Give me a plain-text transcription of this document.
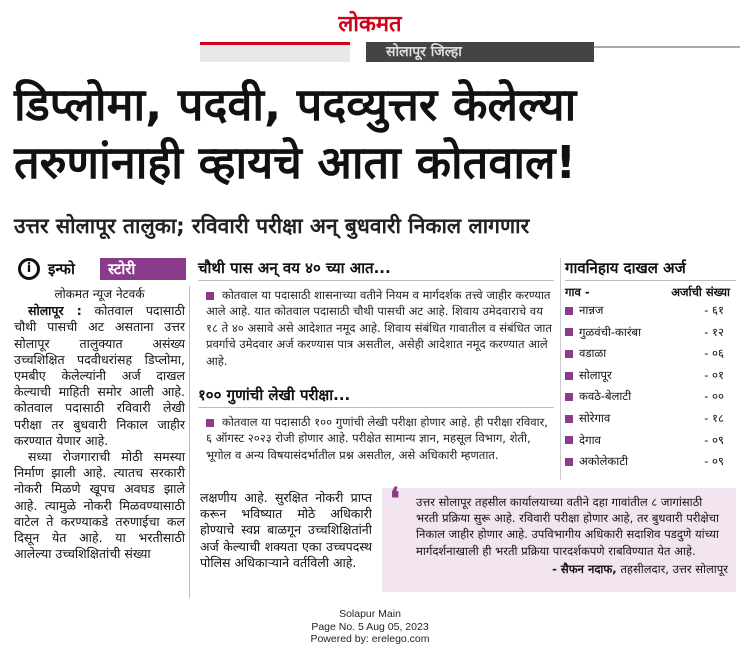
लोकमत
सोलापूर जिल्हा
डिप्लोमा, पदवी, पदव्युत्तर केलेल्या
तरुणांनाही व्हायचे आता कोतवाल!
उत्तर सोलापूर तालुका; रविवारी परीक्षा अन् बुधवारी निकाल लागणार
i	इन्फो	स्टोरी
लोकमत न्यूज नेटवर्क
सोलापूर : कोतवाल पदासाठी चौथी पासची अट असताना उत्तर सोलापूर तालुक्यात असंख्य उच्चशिक्षित पदवीधरांसह डिप्लोमा, एमबीए केलेल्यांनी अर्ज दाखल केल्याची माहिती समोर आली आहे. कोतवाल पदासाठी रविवारी लेखी परीक्षा तर बुधवारी निकाल जाहीर करण्यात येणार आहे.
सध्या रोजगाराची मोठी समस्या निर्माण झाली आहे. त्यातच सरकारी नोकरी मिळणे खूपच अवघड झाले आहे. त्यामुळे नोकरी मिळवण्यासाठी वाटेल ते करण्याकडे तरुणाईचा कल दिसून येत आहे. या भरतीसाठी आलेल्या उच्चशिक्षितांची संख्या
चौथी पास अन् वय ४० च्या आत...
कोतवाल या पदासाठी शासनाच्या वतीने नियम व मार्गदर्शक तत्त्वे जाहीर करण्यात आले आहे. यात कोतवाल पदासाठी चौथी पासची अट आहे. शिवाय उमेदवाराचे वय १८ ते ४० असावे असे आदेशात नमूद आहे. शिवाय संबंधित गावातील व संबंधित जात प्रवर्गाचे उमेदवार अर्ज करण्यास पात्र असतील, असेही आदेशात नमूद करण्यात आले आहे.
१०० गुणांची लेखी परीक्षा...
कोतवाल या पदासाठी १०० गुणांची लेखी परीक्षा होणार आहे. ही परीक्षा रविवार, ६ ऑगस्ट २०२३ रोजी होणार आहे. परीक्षेत सामान्य ज्ञान, महसूल विभाग, शेती, भूगोल व अन्य विषयासंदर्भातील प्रश्न असतील, असे अधिकारी म्हणतात.
गावनिहाय दाखल अर्ज
गाव -	अर्जाची संख्या
नान्नज	- ६१
गुळवंची-कारंबा	- १२
वडाळा	- ०६
सोलापूर	- ०१
कवठे-बेलाटी	- ००
सोरेगाव	- १८
देगाव	- ०९
अकोलेकाटी	- ०९
लक्षणीय आहे. सुरक्षित नोकरी प्राप्त करून भविष्यात मोठे अधिकारी होण्याचे स्वप्न बाळगून उच्चशिक्षितांनी अर्ज केल्याची शक्यता एका उच्चपदस्थ पोलिस अधिकाऱ्याने वर्तविली आहे.
❛ उत्तर सोलापूर तहसील कार्यालयाच्या वतीने दहा गावांतील ८ जागांसाठी भरती प्रक्रिया सुरू आहे. रविवारी परीक्षा होणार आहे, तर बुधवारी परीक्षेचा निकाल जाहीर होणार आहे. उपविभागीय अधिकारी सदाशिव पडदुणे यांच्या मार्गदर्शनाखाली ही भरती प्रक्रिया पारदर्शकपणे राबविण्यात येत आहे.
- सैफन नदाफ, तहसीलदार, उत्तर सोलापूर
Solapur Main
Page No. 5 Aug 05, 2023
Powered by: erelego.com
